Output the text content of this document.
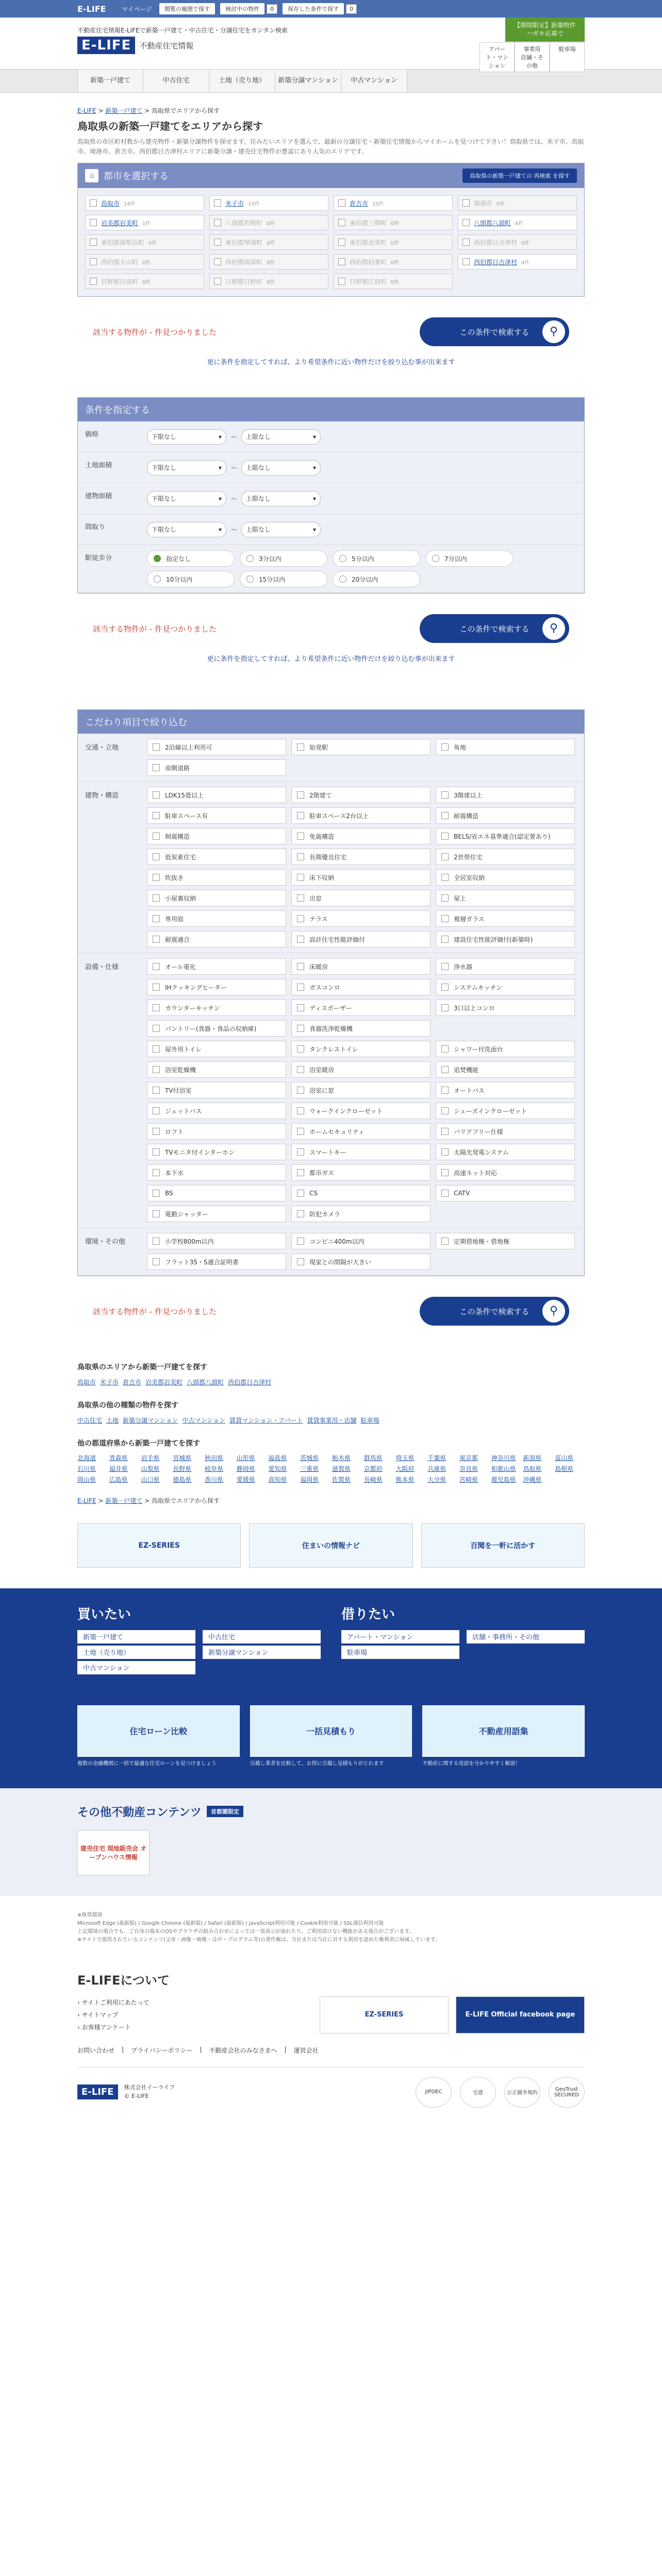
E-LIFE	マイページ	閲覧の履歴で探す	検討中の物件	0	保存した条件で探す	0
不動産住宅情報E-LIFEで新築一戸建て・中古住宅・分譲住宅をカンタン検索
E-LIFE	不動産住宅情報
【期間限定】新築物件 ハガキ応募で
アパート・マンション
事業用 店舗・その他
駐車場
新築一戸建て	中古住宅	土地（売り地）	新築分譲マンション	中古マンション
E-LIFE > 新築一戸建て > 鳥取県でエリアから探す
鳥取県の新築一戸建てをエリアから探す

鳥取県の市区町村数から建売物件・新築分譲物件を探せます。住みたいエリアを選んで、最新の分譲住宅・新築住宅情報からマイホームを見つけて下さい！鳥取県では、米子市、鳥取市、境港市、倉吉市、西伯郡日吉津村エリアに新築分譲・建売住宅物件が豊富にあり人気のエリアです。

⌂	都市を選択する	鳥取県の新築一戸建ての 再検索 を探す
鳥取市 14件	米子市 10件	倉吉市 10件	境港市 0件
岩美郡岩美町 1件	八頭郡若桜町 0件	東伯郡三朝町 0件	八頭郡八頭町 4件
東伯郡湯梨浜町 0件	東伯郡琴浦町 0件	東伯郡北栄町 0件	西伯郡日吉津村 0件
西伯郡大山町 0件	西伯郡南部町 0件	西伯郡伯耆町 0件	西伯郡日吉津村 4件
日野郡日南町 0件	日野郡日野町 0件	日野郡江府町 0件
該当する物件が - 件見つかりました	この条件で検索する	⚲
更に条件を指定してすれば、より希望条件に近い物件だけを絞り込む事が出来ます
条件を指定する
価格	下限なし	▾ 〜 上限なし	▾
土地面積	下限なし	▾ 〜 上限なし	▾
建物面積	下限なし	▾ 〜 上限なし	▾
間取り	下限なし	▾ 〜 上限なし	▾
駅徒歩分	指定なし	3分以内	5分以内	7分以内
10分以内	15分以内	20分以内
該当する物件が - 件見つかりました	この条件で検索する	⚲
更に条件を指定してすれば、より希望条件に近い物件だけを絞り込む事が出来ます
こだわり項目で絞り込む
交通・立地	2沿線以上利用可	始発駅	角地
南側道路
建物・構造	LDK15畳以上	2階建て	3階建以上
駐車スペース有	駐車スペース2台以上	耐震構造
制震構造	免震構造	BELS/省エネ基準適合(認定要あり)
低炭素住宅	長期優良住宅	2世帯住宅
吹抜き	床下収納	全居室収納
小屋裏収納	出窓	屋上
専用庭	テラス	複層ガラス
耐震適合	設計住宅性能評価付	建設住宅性能評価付(新築時)
設備・仕様	オール電化	床暖房	浄水器
IHクッキングヒーター	ガスコンロ	システムキッチン
カウンターキッチン	ディスポーザー	3口以上コンロ
パントリー(食器・食品の収納庫)	食器洗浄乾燥機
屋外用トイレ	タンクレストイレ	シャワー付洗面台
浴室乾燥機	浴室暖房	追焚機能
TV付浴室	浴室に窓	オートバス
ジェットバス	ウォークインクローゼット	シューズインクローゼット
ロフト	ホームセキュリティ	バリアフリー仕様
TVモニタ付インターホン	スマートキー	太陽光発電システム
本下水	都市ガス	高速ネット対応
BS	CS	CATV
電動シャッター	防犯カメラ
環境・その他	小学校800m以内	コンビニ400m以内	定期借地権・借地権
フラット35・S適合証明書	現家との間隔が大きい
該当する物件が - 件見つかりました	この条件で検索する	⚲
鳥取県のエリアから新築一戸建てを探す
鳥取市 米子市 倉吉市 岩美郡岩美町 八頭郡八頭町 西伯郡日吉津村
鳥取県の他の種類の物件を探す
中古住宅 土地 新築分譲マンション 中古マンション 賃貸マンション・アパート 賃貸事業用・店舗 駐車場
他の都道府県から新築一戸建てを探す
北海道	青森県	岩手県	宮城県	秋田県	山形県	福島県	茨城県	栃木県	群馬県	埼玉県	千葉県	東京都	神奈川県	新潟県	富山県
石川県	福井県	山梨県	長野県	岐阜県	静岡県	愛知県	三重県	滋賀県	京都府	大阪府	兵庫県	奈良県	和歌山県	鳥取県	島根県
岡山県	広島県	山口県	徳島県	香川県	愛媛県	高知県	福岡県	佐賀県	長崎県	熊本県	大分県	宮崎県	鹿児島県	沖縄県
E-LIFE > 新築一戸建て > 鳥取県でエリアから探す
EZ-SERIES	住まいの情報ナビ	百聞を一軒に活かす
買いたい
新築一戸建て	中古住宅
土地（売り地）	新築分譲マンション
中古マンション
借りたい
アパート・マンション	店舗・事務所・その他
駐車場
住宅ローン比較
複数の金融機関に一括で最適な住宅ローンを見つけましょう
一括見積もり
引越し業者を比較して、お得に引越し見積もりがとれます
不動産用語集
不動産に関する用語を分かりやすく解説！
その他不動産コンテンツ	首都圏限定
建売住宅 現地販売会 オープンハウス情報
※推奨環境
Microsoft Edge (最新版) / Google Chrome (最新版) / Safari (最新版) / JavaScript利用可能 / Cookie利用可能 / SSL通信利用可能
上記環境の場合でも、ご自身の端末のOSやブラウザの組み合わせによっては一部表示が崩れたり、ご利用頂けない機能がある場合がございます。
※サイトで提供されているコンテンツ(文章・画像・映像・音声・プログラム等)の著作権は、当社または当社に対する利用を認めた権利者に帰属しています。
E-LIFEについて
› サイトご利用にあたって
› サイトマップ
› お客様アンケート
EZ-SERIES	E-LIFE Official facebook page
お問い合わせ | プライバシーポリシー | 不動産会社のみなさまへ | 運営会社
E-LIFE	株式会社イーライフ
© E-LIFE
JIPDEC	宅建	公正競争規約
GeoTrust SECURED
